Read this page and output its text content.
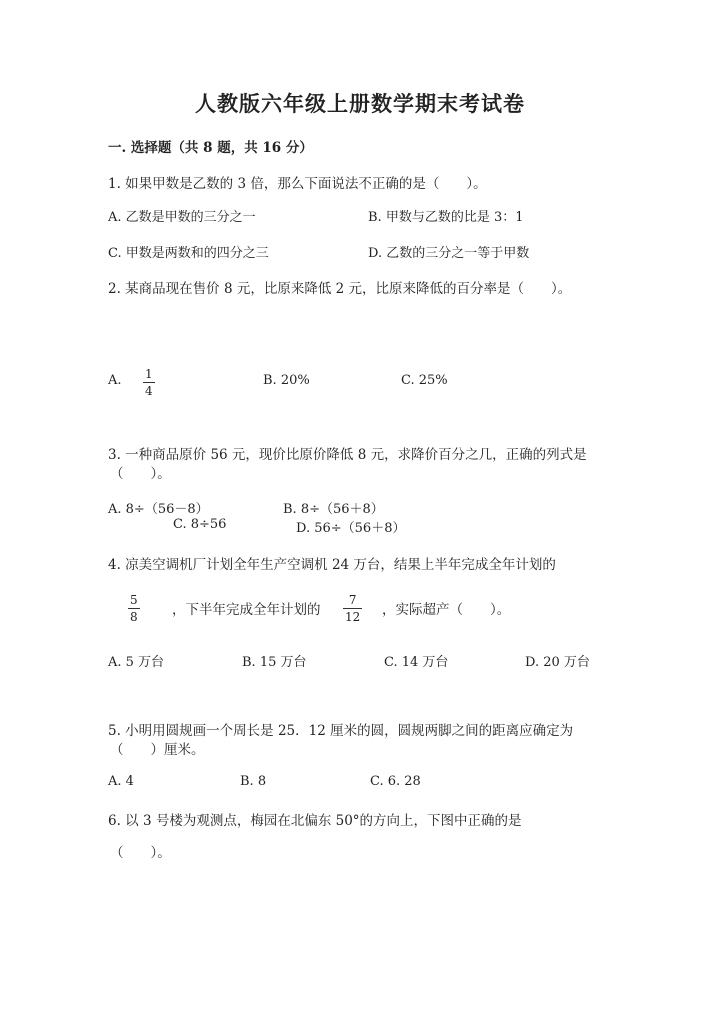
人教版六年级上册数学期末考试卷
一. 选择题（共 8 题，共 16 分）
1. 如果甲数是乙数的 3 倍，那么下面说法不正确的是（　　）。
A. 乙数是甲数的三分之一	B. 甲数与乙数的比是 3：1
C. 甲数是两数和的四分之三	D. 乙数的三分之一等于甲数
2. 某商品现在售价 8 元，比原来降低 2 元，比原来降低的百分率是（　　）。
A. 1
4
B. 20%	C. 25%
3. 一种商品原价 56 元，现价比原价降低 8 元，求降价百分之几，正确的列式是
（　　）。
A. 8÷（56－8）	B. 8÷（56＋8）
C. 8÷56	D. 56÷（56＋8）
4. 凉美空调机厂计划全年生产空调机 24 万台，结果上半年完成全年计划的
5
8	，下半年完成全年计划的
7
12 ，实际超产（　　）。
A. 5 万台	B. 15 万台	C. 14 万台	D. 20 万台
5. 小明用圆规画一个周长是 25．12 厘米的圆，圆规两脚之间的距离应确定为
（　　）厘米。
A. 4	B. 8	C. 6. 28
6. 以 3 号楼为观测点，梅园在北偏东 50°的方向上，下图中正确的是
（　　）。
